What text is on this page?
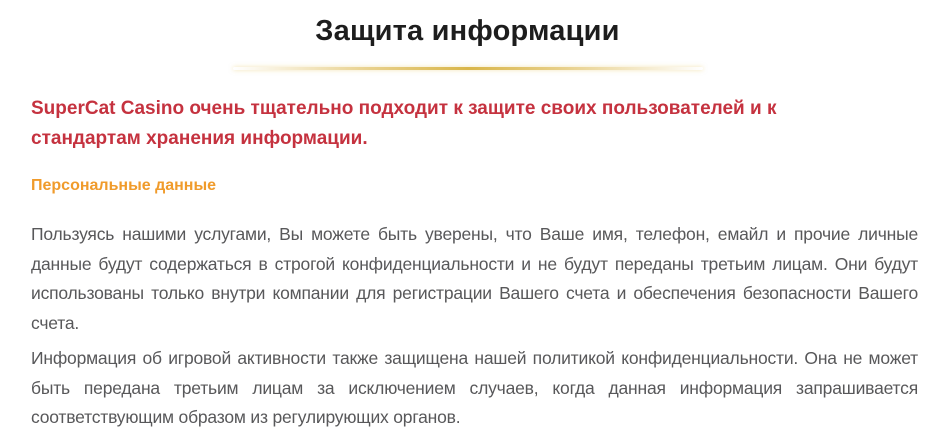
Защита информации

SuperCat Casino очень тщательно подходит к защите своих пользователей и к
стандартам хранения информации.

Персональные данные

Пользуясь нашими услугами, Вы можете быть уверены, что Ваше имя, телефон, емайл и прочие личные данные будут содержаться в строгой конфиденциальности и не будут переданы третьим лицам. Они будут использованы только внутри компании для регистрации Вашего счета и обеспечения безопасности Вашего счета.

Информация об игровой активности также защищена нашей политикой конфиденциальности. Она не может быть передана третьим лицам за исключением случаев, когда данная информация запрашивается соответствующим образом из регулирующих органов.
